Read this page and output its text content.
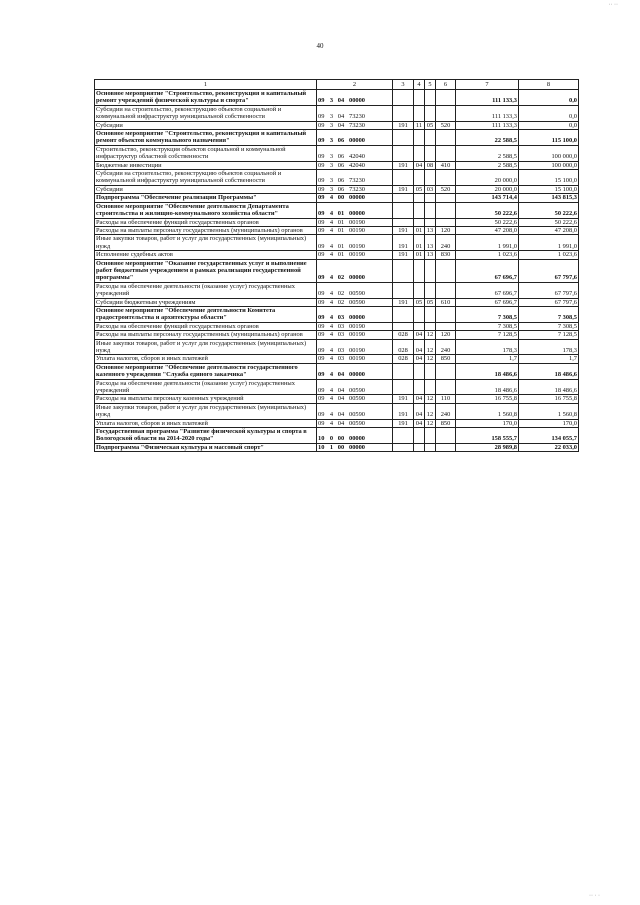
·· ··
40
1	2	3	4	5	6	7	8
Основное мероприятие "Строительство, реконструкция и капитальный ремонт учреждений физической культуры и спорта"	09 3 04 00000					111 133,3	0,0
Субсидии на строительство, реконструкцию объектов социальной и коммунальной инфраструктур муниципальной собственности	09 3 04 73230					111 133,3	0,0
Субсидии	09 3 04 73230	191	11	05	520	111 133,3	0,0
Основное мероприятие "Строительство, реконструкция и капитальный ремонт объектов коммунального назначения"	09 3 06 00000					22 588,5	115 100,0
Строительство, реконструкция объектов социальной и коммунальной инфраструктур областной собственности	09 3 06 42040					2 588,5	100 000,0
Бюджетные инвестиции	09 3 06 42040	191	04	08	410	2 588,5	100 000,0
Субсидии на строительство, реконструкцию объектов социальной и коммунальной инфраструктур муниципальной собственности	09 3 06 73230					20 000,0	15 100,0
Субсидии	09 3 06 73230	191	05	03	520	20 000,0	15 100,0
Подпрограмма "Обеспечение реализации Программы"	09 4 00 00000					143 714,4	143 815,3
Основное мероприятие "Обеспечение деятельности Департамента строительства и жилищно-коммунального хозяйства области"	09 4 01 00000					50 222,6	50 222,6
Расходы на обеспечение функций государственных органов	09 4 01 00190					50 222,6	50 222,6
Расходы на выплаты персоналу государственных (муниципальных) органов	09 4 01 00190	191	01	13	120	47 208,0	47 208,0
Иные закупки товаров, работ и услуг для государственных (муниципальных) нужд	09 4 01 00190	191	01	13	240	1 991,0	1 991,0
Исполнение судебных актов	09 4 01 00190	191	01	13	830	1 023,6	1 023,6
Основное мероприятие "Оказание государственных услуг и выполнение работ бюджетным учреждением в рамках реализации государственной программы"	09 4 02 00000					67 696,7	67 797,6
Расходы на обеспечение деятельности (оказание услуг) государственных учреждений	09 4 02 00590					67 696,7	67 797,6
Субсидии бюджетным учреждениям	09 4 02 00590	191	05	05	610	67 696,7	67 797,6
Основное мероприятие "Обеспечение деятельности Комитета градостроительства и архитектуры области"	09 4 03 00000					7 308,5	7 308,5
Расходы на обеспечение функций государственных органов	09 4 03 00190					7 308,5	7 308,5
Расходы на выплаты персоналу государственных (муниципальных) органов	09 4 03 00190	028	04	12	120	7 128,5	7 128,5
Иные закупки товаров, работ и услуг для государственных (муниципальных) нужд	09 4 03 00190	028	04	12	240	178,3	178,3
Уплата налогов, сборов и иных платежей	09 4 03 00190	028	04	12	850	1,7	1,7
Основное мероприятие "Обеспечение деятельности государственного казенного учреждения "Служба единого заказчика"	09 4 04 00000					18 486,6	18 486,6
Расходы на обеспечение деятельности (оказание услуг) государственных учреждений	09 4 04 00590					18 486,6	18 486,6
Расходы на выплаты персоналу казенных учреждений	09 4 04 00590	191	04	12	110	16 755,8	16 755,8
Иные закупки товаров, работ и услуг для государственных (муниципальных) нужд	09 4 04 00590	191	04	12	240	1 560,8	1 560,8
Уплата налогов, сборов и иных платежей	09 4 04 00590	191	04	12	850	170,0	170,0
Государственная программа "Развитие физической культуры и спорта в Вологодской области на 2014-2020 годы"	10 0 00 00000					158 555,7	134 055,7
Подпрограмма "Физическая культура и массовый спорт"	10 1 00 00000					28 989,8	22 033,0
·· · ·
